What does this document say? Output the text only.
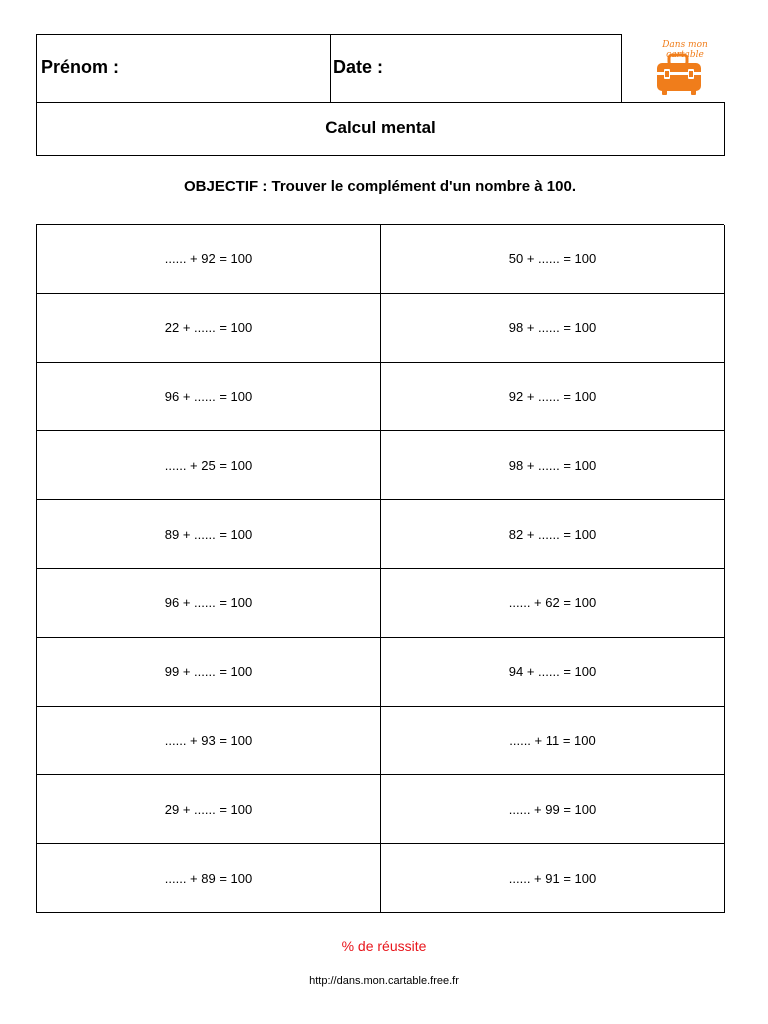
Prénom :	Date :
Dans mon cartable
Calcul mental
OBJECTIF : Trouver le complément d'un nombre à 100.
...... + 92 = 100	50 + ...... = 100
22 + ...... = 100	98 + ...... = 100
96 + ...... = 100	92 + ...... = 100
...... + 25 = 100	98 + ...... = 100
89 + ...... = 100	82 + ...... = 100
96 + ...... = 100	...... + 62 = 100
99 + ...... = 100	94 + ...... = 100
...... + 93 = 100	...... + 11 = 100
29 + ...... = 100	...... + 99 = 100
...... + 89 = 100	...... + 91 = 100
% de réussite
http://dans.mon.cartable.free.fr
